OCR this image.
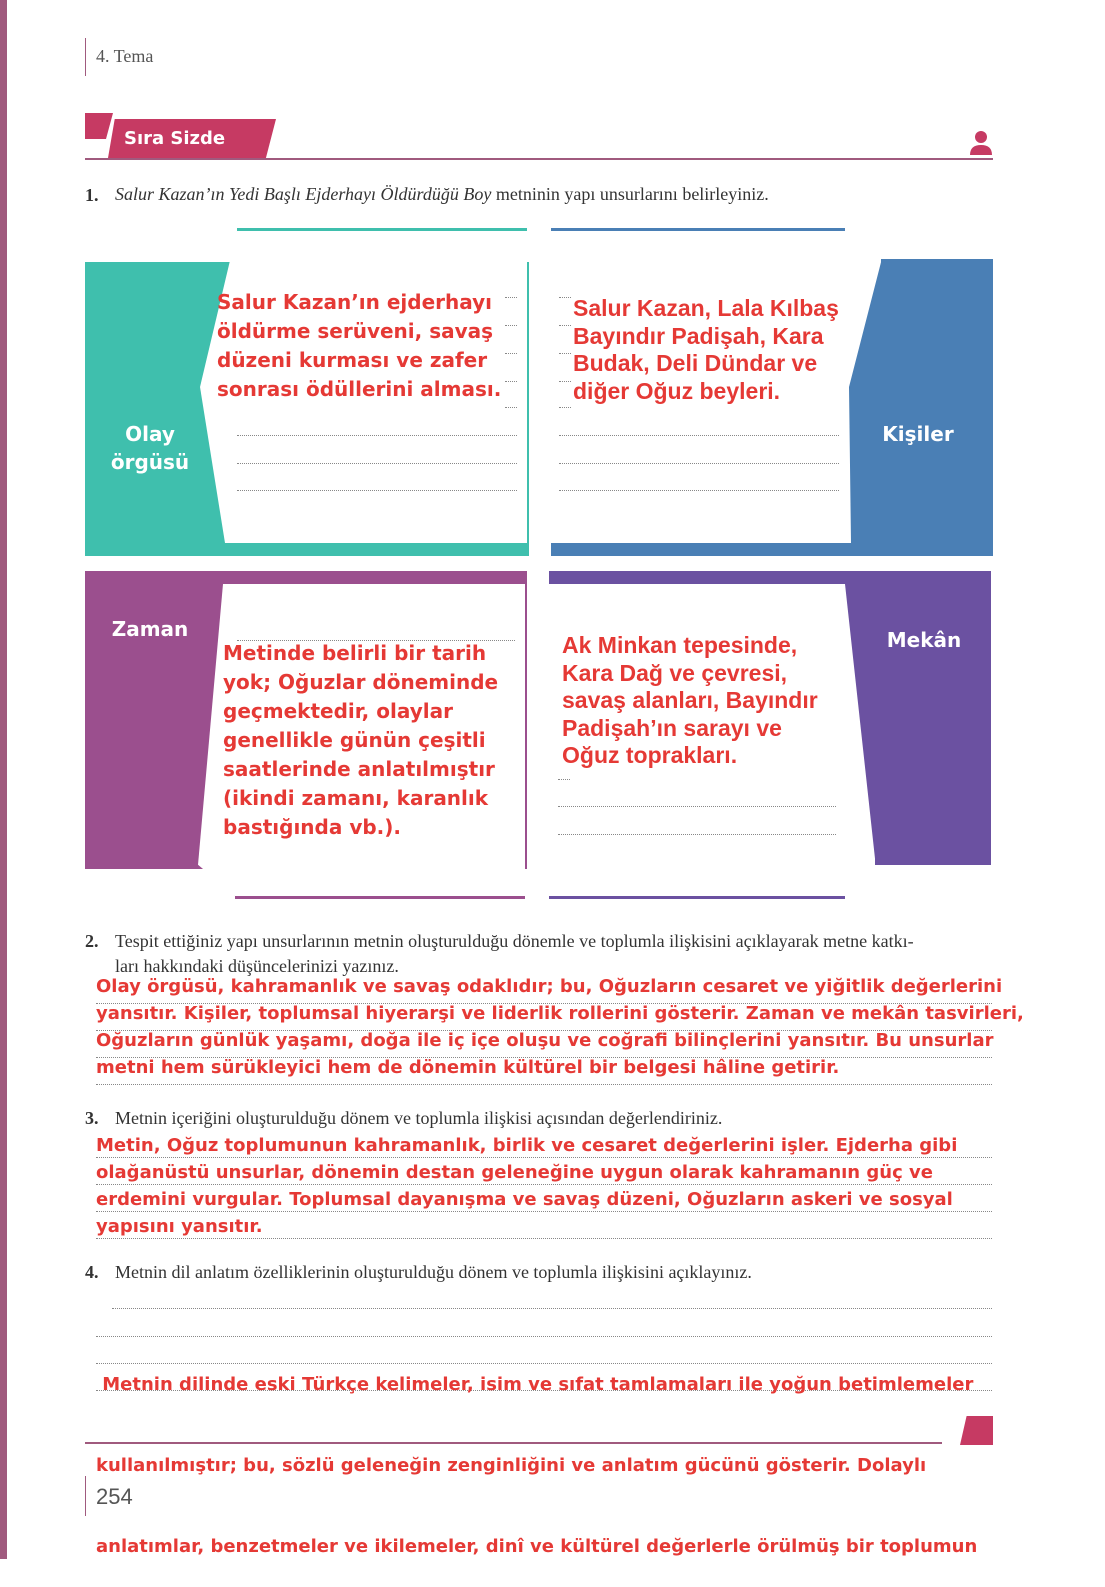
4. Tema
Sıra Sizde
1. Salur Kazan’ın Yedi Başlı Ejderhayı Öldürdüğü Boy metninin yapı unsurlarını belirleyiniz.
Olay
örgüsü
Salur Kazan’ın ejderhayı
öldürme serüveni, savaş
düzeni kurması ve zafer
sonrası ödüllerini alması.
Kişiler
Salur Kazan, Lala Kılbaş
Bayındır Padişah, Kara
Budak, Deli Dündar ve
diğer Oğuz beyleri.
Zaman
Metinde belirli bir tarih
yok; Oğuzlar döneminde
geçmektedir, olaylar
genellikle günün çeşitli
saatlerinde anlatılmıştır
(ikindi zamanı, karanlık
bastığında vb.).
Mekân
Ak Minkan tepesinde,
Kara Dağ ve çevresi,
savaş alanları, Bayındır
Padişah’ın sarayı ve
Oğuz toprakları.
2. Tespit ettiğiniz yapı unsurlarının metnin oluşturulduğu dönemle ve toplumla ilişkisini açıklayarak metne katkı-
ları hakkındaki düşüncelerinizi yazınız.
Olay örgüsü, kahramanlık ve savaş odaklıdır; bu, Oğuzların cesaret ve yiğitlik değerlerini
yansıtır. Kişiler, toplumsal hiyerarşi ve liderlik rollerini gösterir. Zaman ve mekân tasvirleri,
Oğuzların günlük yaşamı, doğa ile iç içe oluşu ve coğrafi bilinçlerini yansıtır. Bu unsurlar
metni hem sürükleyici hem de dönemin kültürel bir belgesi hâline getirir.
3. Metnin içeriğini oluşturulduğu dönem ve toplumla ilişkisi açısından değerlendiriniz.
Metin, Oğuz toplumunun kahramanlık, birlik ve cesaret değerlerini işler. Ejderha gibi
olağanüstü unsurlar, dönemin destan geleneğine uygun olarak kahramanın güç ve
erdemini vurgular. Toplumsal dayanışma ve savaş düzeni, Oğuzların askeri ve sosyal
yapısını yansıtır.
4. Metnin dil anlatım özelliklerinin oluşturulduğu dönem ve toplumla ilişkisini açıklayınız.

Metnin dilinde eski Türkçe kelimeler, isim ve sıfat tamlamaları ile yoğun betimlemeler

kullanılmıştır; bu, sözlü geleneğin zenginliğini ve anlatım gücünü gösterir. Dolaylı

anlatımlar, benzetmeler ve ikilemeler, dinî ve kültürel değerlerle örülmüş bir toplumun

254
